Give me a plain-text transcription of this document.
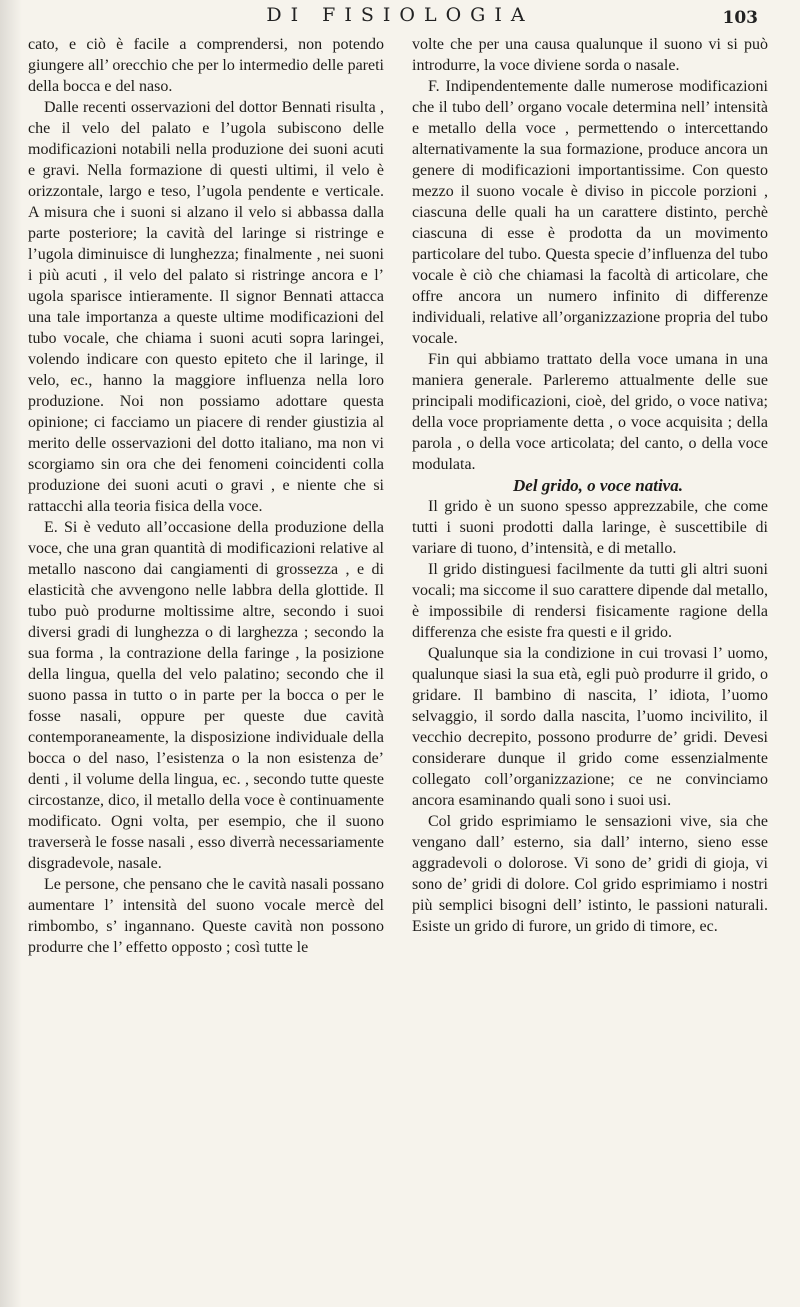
DI FISIOLOGIA	103

cato, e ciò è facile a comprendersi, non potendo giungere all’ orecchio che per lo intermedio delle pareti della bocca e del naso.

Dalle recenti osservazioni del dottor Bennati risulta , che il velo del palato e l’ugola subiscono delle modificazioni notabili nella produzione dei suoni acuti e gravi. Nella formazione di questi ultimi, il velo è orizzontale, largo e teso, l’ugola pendente e verticale. A misura che i suoni si alzano il velo si abbassa dalla parte posteriore; la cavità del laringe si ristringe e l’ugola diminuisce di lunghezza; finalmente , nei suoni i più acuti , il velo del palato si ristringe ancora e l’ ugola sparisce intieramente. Il signor Bennati attacca una tale importanza a queste ultime modificazioni del tubo vocale, che chiama i suoni acuti sopra laringei, volendo indicare con questo epiteto che il laringe, il velo, ec., hanno la maggiore influenza nella loro produzione. Noi non possiamo adottare questa opinione; ci facciamo un piacere di render giustizia al merito delle osservazioni del dotto italiano, ma non vi scorgiamo sin ora che dei fenomeni coincidenti colla produzione dei suoni acuti o gravi , e niente che si rattacchi alla teoria fisica della voce.

E. Si è veduto all’occasione della produzione della voce, che una gran quantità di modificazioni relative al metallo nascono dai cangiamenti di grossezza , e di elasticità che avvengono nelle labbra della glottide. Il tubo può produrne moltissime altre, secondo i suoi diversi gradi di lunghezza o di larghezza ; secondo la sua forma , la contrazione della faringe , la posizione della lingua, quella del velo palatino; secondo che il suono passa in tutto o in parte per la bocca o per le fosse nasali, oppure per queste due cavità contemporaneamente, la disposizione individuale della bocca o del naso, l’esistenza o la non esistenza de’ denti , il volume della lingua, ec. , secondo tutte queste circostanze, dico, il metallo della voce è continuamente modificato. Ogni volta, per esempio, che il suono traverserà le fosse nasali , esso diverrà necessariamente disgradevole, nasale.

Le persone, che pensano che le cavità nasali possano aumentare l’ intensità del suono vocale mercè del rimbombo, s’ ingannano. Queste cavità non possono produrre che l’ effetto opposto ; così tutte le

volte che per una causa qualunque il suono vi si può introdurre, la voce diviene sorda o nasale.

F. Indipendentemente dalle numerose modificazioni che il tubo dell’ organo vocale determina nell’ intensità e metallo della voce , permettendo o intercettando alternativamente la sua formazione, produce ancora un genere di modificazioni importantissime. Con questo mezzo il suono vocale è diviso in piccole porzioni , ciascuna delle quali ha un carattere distinto, perchè ciascuna di esse è prodotta da un movimento particolare del tubo. Questa specie d’influenza del tubo vocale è ciò che chiamasi la facoltà di articolare, che offre ancora un numero infinito di differenze individuali, relative all’organizzazione propria del tubo vocale.

Fin qui abbiamo trattato della voce umana in una maniera generale. Parleremo attualmente delle sue principali modificazioni, cioè, del grido, o voce nativa; della voce propriamente detta , o voce acquisita ; della parola , o della voce articolata; del canto, o della voce modulata.

Del grido, o voce nativa.

Il grido è un suono spesso apprezzabile, che come tutti i suoni prodotti dalla laringe, è suscettibile di variare di tuono, d’intensità, e di metallo.

Il grido distinguesi facilmente da tutti gli altri suoni vocali; ma siccome il suo carattere dipende dal metallo, è impossibile di rendersi fisicamente ragione della differenza che esiste fra questi e il grido.

Qualunque sia la condizione in cui trovasi l’ uomo, qualunque siasi la sua età, egli può produrre il grido, o gridare. Il bambino di nascita, l’ idiota, l’uomo selvaggio, il sordo dalla nascita, l’uomo incivilito, il vecchio decrepito, possono produrre de’ gridi. Devesi considerare dunque il grido come essenzialmente collegato coll’organizzazione; ce ne convinciamo ancora esaminando quali sono i suoi usi.

Col grido esprimiamo le sensazioni vive, sia che vengano dall’ esterno, sia dall’ interno, sieno esse aggradevoli o dolorose. Vi sono de’ gridi di gioja, vi sono de’ gridi di dolore. Col grido esprimiamo i nostri più semplici bisogni dell’ istinto, le passioni naturali. Esiste un grido di furore, un grido di timore, ec.
